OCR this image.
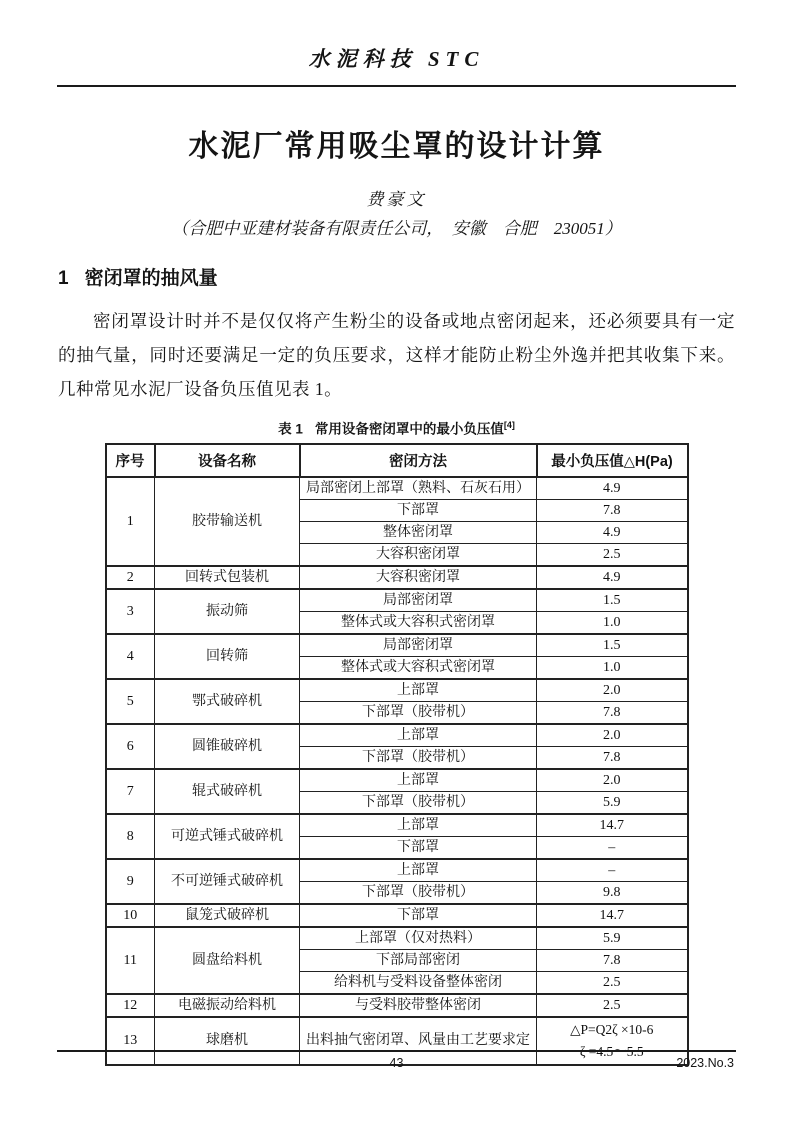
水泥科技 STC
水泥厂常用吸尘罩的设计计算
费豪文
（合肥中亚建材装备有限责任公司，　安徽　合肥　230051）
1 密闭罩的抽风量

密闭罩设计时并不是仅仅将产生粉尘的设备或地点密闭起来，还必须要具有一定的抽气量，同时还要满足一定的负压要求，这样才能防止粉尘外逸并把其收集下来。几种常见水泥厂设备负压值见表 1。

表 1 常用设备密闭罩中的最小负压值[4]
序号	设备名称	密闭方法	最小负压值△H(Pa)
1	胶带输送机	局部密闭上部罩（熟料、石灰石用）	4.9
		下部罩	7.8
		整体密闭罩	4.9
		大容积密闭罩	2.5
2	回转式包装机	大容积密闭罩	4.9
3	振动筛	局部密闭罩	1.5
		整体式或大容积式密闭罩	1.0
4	回转筛	局部密闭罩	1.5
		整体式或大容积式密闭罩	1.0
5	鄂式破碎机	上部罩	2.0
		下部罩（胶带机）	7.8
6	圆锥破碎机	上部罩	2.0
		下部罩（胶带机）	7.8
7	辊式破碎机	上部罩	2.0
		下部罩（胶带机）	5.9
8	可逆式锤式破碎机	上部罩	14.7
		下部罩	–
9	不可逆锤式破碎机	上部罩	–
		下部罩（胶带机）	9.8
10	鼠笼式破碎机	下部罩	14.7
11	圆盘给料机	上部罩（仅对热料）	5.9
		下部局部密闭	7.8
		给料机与受料设备整体密闭	2.5
12	电磁振动给料机	与受料胶带整体密闭	2.5
13	球磨机	出料抽气密闭罩、风量由工艺要求定	△P=Q2ζ ×10-6
ζ =4.5～5.5
43	2023.No.3
